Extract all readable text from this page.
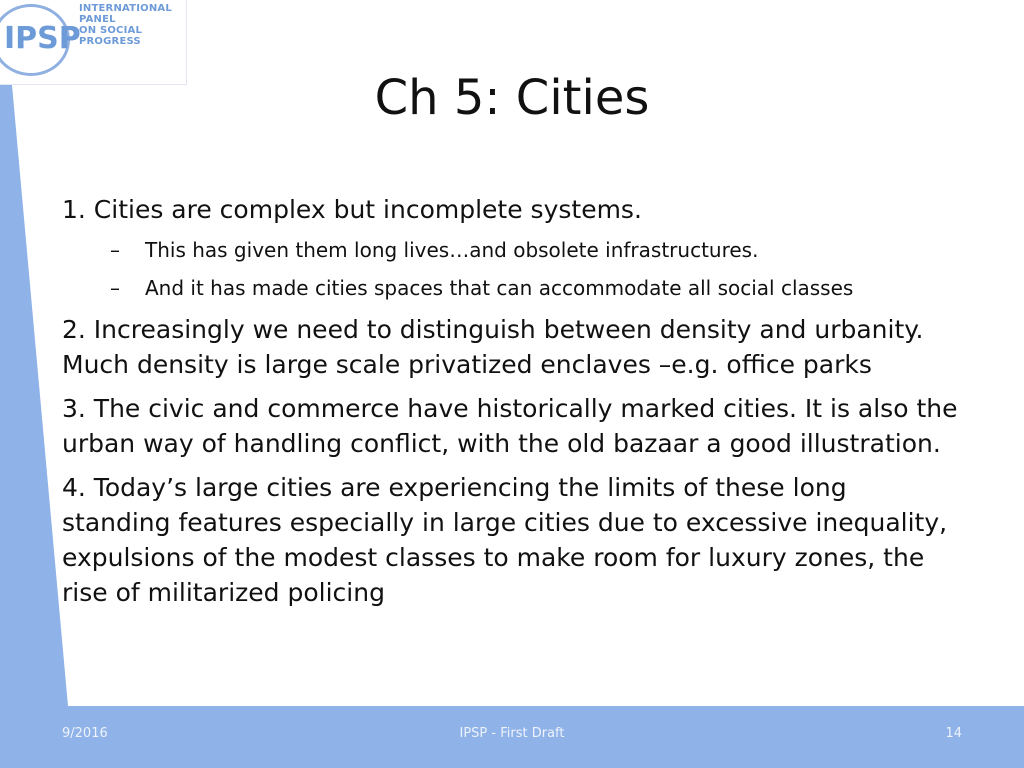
IPSP
INTERNATIONAL PANEL
ON SOCIAL PROGRESS
Ch 5: Cities

1. Cities are complex but incomplete systems.

– This has given them long lives…and obsolete infrastructures.
– And it has made cities spaces that can accommodate all social classes

2. Increasingly we need to distinguish between density and urbanity. Much density is large scale privatized enclaves –e.g. office parks

3. The civic and commerce have historically marked cities. It is also the urban way of handling conflict, with the old bazaar a good illustration.

4. Today’s large cities are experiencing the limits of these long standing features especially in large cities due to excessive inequality, expulsions of the modest classes to make room for luxury zones, the rise of militarized policing

9/2016	IPSP - First Draft	14
